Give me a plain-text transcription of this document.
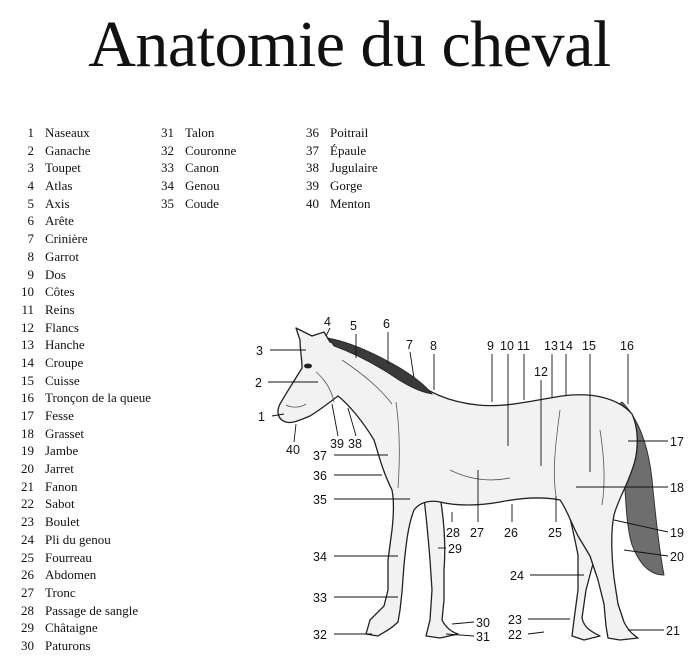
Anatomie du cheval
1 Naseaux
2 Ganache
3 Toupet
4 Atlas
5 Axis
6 Arête
7 Crinière
8 Garrot
9 Dos
10 Côtes
11 Reins
12 Flancs
13 Hanche
14 Croupe
15 Cuisse
16 Tronçon de la queue
17 Fesse
18 Grasset
19 Jambe
20 Jarret
21 Fanon
22 Sabot
23 Boulet
24 Pli du genou
25 Fourreau
26 Abdomen
27 Tronc
28 Passage de sangle
29 Châtaigne
30 Paturons
31 Talon
32 Couronne
33 Canon
34 Genou
35 Coude
36 Poitrail
37 Épaule
38 Jugulaire
39 Gorge
40 Menton
1
2
3
4 5 6
7 8	9 10 11
12
13 14 15 16
17
18
19
20
21
22
23
24
25
26
27
28
29
30
31
32
33
34
35
36
37
38
39
40
